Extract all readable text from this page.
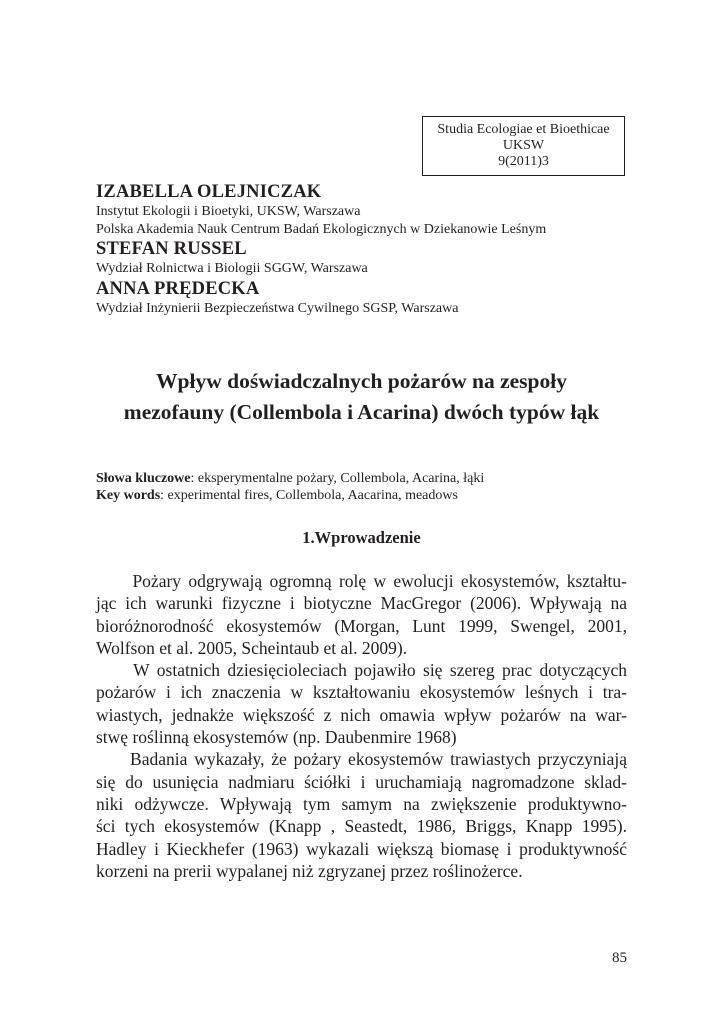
Studia Ecologiae et Bioethicae
UKSW
9(2011)3
IZABELLA OLEJNICZAK
Instytut Ekologii i Bioetyki, UKSW, Warszawa
Polska Akademia Nauk Centrum Badań Ekologicznych w Dziekanowie Leśnym
STEFAN RUSSEL
Wydział Rolnictwa i Biologii SGGW, Warszawa
ANNA PRĘDECKA
Wydział Inżynierii Bezpieczeństwa Cywilnego SGSP, Warszawa
Wpływ doświadczalnych pożarów na zespoły
mezofauny (Collembola i Acarina) dwóch typów łąk
Słowa kluczowe: eksperymentalne pożary, Collembola, Acarina, łąki
Key words: experimental fires, Collembola, Aacarina, meadows
1.Wprowadzenie

Pożary odgrywają ogromną rolę w ewolucji ekosystemów, kształtu-
jąc ich warunki fizyczne i biotyczne MacGregor (2006). Wpływają na
bioróżnorodność ekosystemów (Morgan, Lunt 1999, Swengel, 2001,
Wolfson et al. 2005, Scheintaub et al. 2009).

W ostatnich dziesięcioleciach pojawiło się szereg prac dotyczących
pożarów i ich znaczenia w kształtowaniu ekosystemów leśnych i tra-
wiastych, jednakże większość z nich omawia wpływ pożarów na war-
stwę roślinną ekosystemów (np. Daubenmire 1968)

Badania wykazały, że pożary ekosystemów trawiastych przyczyniają
się do usunięcia nadmiaru ściółki i uruchamiają nagromadzone sklad-
niki odżywcze. Wpływają tym samym na zwiększenie produktywno-
ści tych ekosystemów (Knapp , Seastedt, 1986, Briggs, Knapp 1995).
Hadley i Kieckhefer (1963) wykazali większą biomasę i produktywność
korzeni na prerii wypalanej niż zgryzanej przez roślinożerce.

85
